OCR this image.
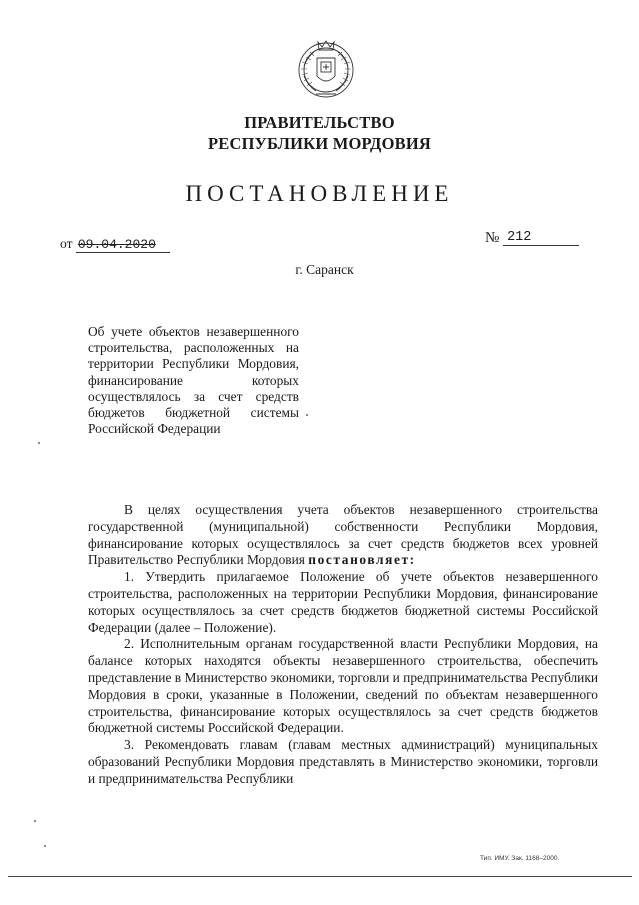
ПРАВИТЕЛЬСТВО
РЕСПУБЛИКИ МОРДОВИЯ
ПОСТАНОВЛЕНИЕ
от 09.04.2020	№ 212
г. Саранск
Об учете объектов незавершенного строительства, расположенных на территории Республики Мордовия, финансирование которых осуществлялось за счет средств бюджетов бюджетной системы Российской Федерации

В целях осуществления учета объектов незавершенного строительства государственной (муниципальной) собственности Республики Мордовия, финансирование которых осуществлялось за счет средств бюджетов всех уровней Правительство Республики Мордовия постановляет:

1. Утвердить прилагаемое Положение об учете объектов незавершенного строительства, расположенных на территории Республики Мордовия, финансирование которых осуществлялось за счет средств бюджетов бюджетной системы Российской Федерации (далее – Положение).

2. Исполнительным органам государственной власти Республики Мордовия, на балансе которых находятся объекты незавершенного строительства, обеспечить представление в Министерство экономики, торговли и предпринимательства Республики Мордовия в сроки, указанные в Положении, сведений по объектам незавершенного строительства, финансирование которых осуществлялось за счет средств бюджетов бюджетной системы Российской Федерации.

3. Рекомендовать главам (главам местных администраций) муниципальных образований Республики Мордовия представлять в Министерство экономики, торговли и предпринимательства Республики

Тип. ИМУ. Зак. 1168–2000.
